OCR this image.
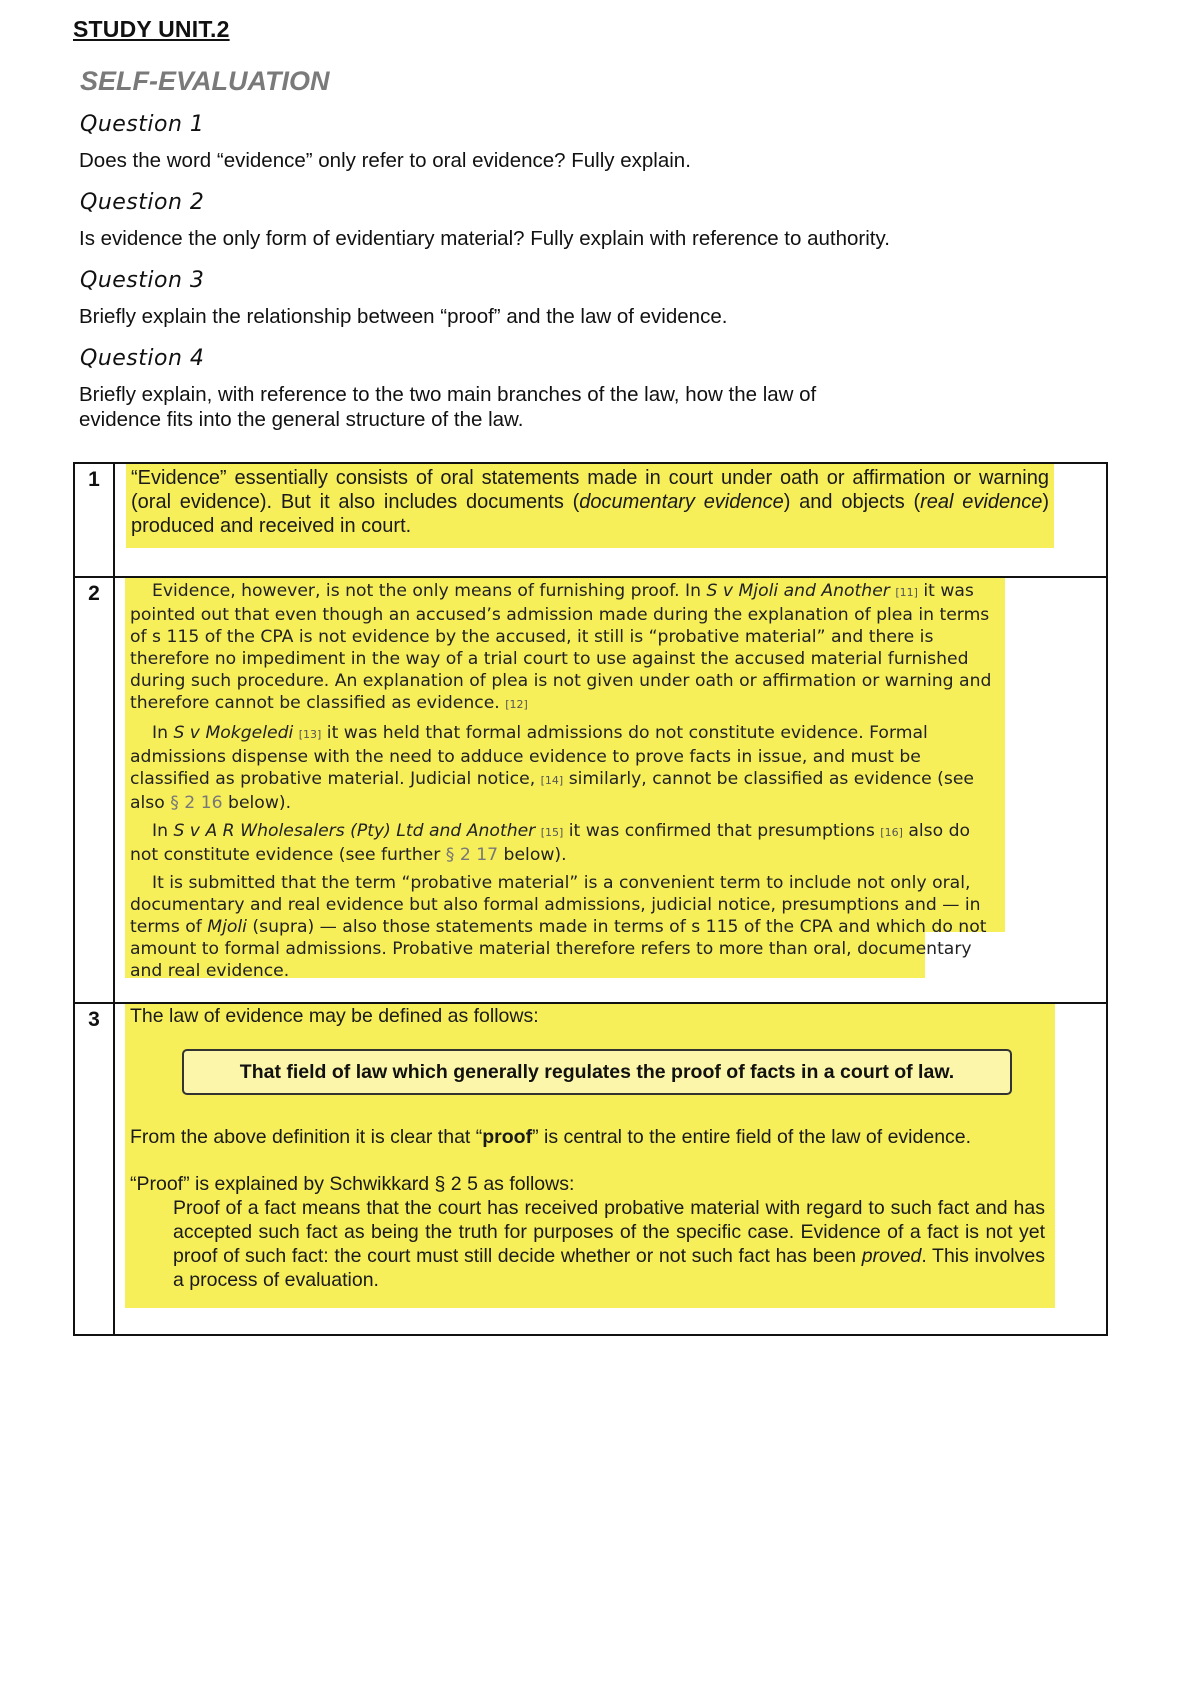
STUDY UNIT.2
SELF-EVALUATION
Question 1
Does the word “evidence” only refer to oral evidence? Fully explain.
Question 2
Is evidence the only form of evidentiary material? Fully explain with reference to authority.
Question 3
Briefly explain the relationship between “proof” and the law of evidence.
Question 4
Briefly explain, with reference to the two main branches of the law, how the law of evidence fits into the general structure of the law.
1	“Evidence” essentially consists of oral statements made in court under oath or affirmation or warning (oral evidence). But it also includes documents (documentary evidence) and objects (real evidence) produced and received in court.
2	Evidence, however, is not the only means of furnishing proof. In S v Mjoli and Another [11] it was pointed out that even though an accused’s admission made during the explanation of plea in terms of s 115 of the CPA is not evidence by the accused, it still is “probative material” and there is therefore no impediment in the way of a trial court to use against the accused material furnished during such procedure. An explanation of plea is not given under oath or affirmation or warning and therefore cannot be classified as evidence. [12]

In S v Mokgeledi [13] it was held that formal admissions do not constitute evidence. Formal admissions dispense with the need to adduce evidence to prove facts in issue, and must be classified as probative material. Judicial notice, [14] similarly, cannot be classified as evidence (see also § 2 16 below).

In S v A R Wholesalers (Pty) Ltd and Another [15] it was confirmed that presumptions [16] also do not constitute evidence (see further § 2 17 below).

It is submitted that the term “probative material” is a convenient term to include not only oral, documentary and real evidence but also formal admissions, judicial notice, presumptions and — in terms of Mjoli (supra) — also those statements made in terms of s 115 of the CPA and which do not amount to formal admissions. Probative material therefore refers to more than oral, documentary and real evidence.

3	The law of evidence may be defined as follows:
That field of law which generally regulates the proof of facts in a court of law.
From the above definition it is clear that “proof” is central to the entire field of the law of evidence.
“Proof” is explained by Schwikkard § 2 5 as follows:
Proof of a fact means that the court has received probative material with regard to such fact and has accepted such fact as being the truth for purposes of the specific case. Evidence of a fact is not yet proof of such fact: the court must still decide whether or not such fact has been proved. This involves a process of evaluation.
